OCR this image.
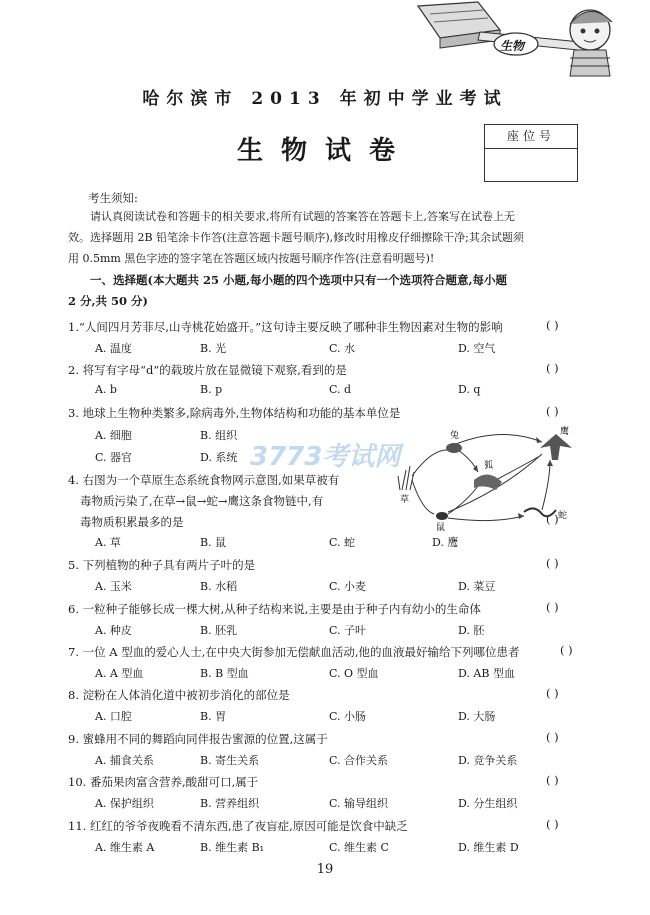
生物
哈尔滨市 2013 年初中学业考试
生物试卷	座位号
考生须知:
请认真阅读试卷和答题卡的相关要求,将所有试题的答案答在答题卡上,答案写在试卷上无
效。选择题用 2B 铅笔涂卡作答(注意答题卡题号顺序),修改时用橡皮仔细擦除干净;其余试题须
用 0.5mm 黑色字迹的签字笔在答题区域内按题号顺序作答(注意看明题号)!
一、选择题(本大题共 25 小题,每小题的四个选项中只有一个选项符合题意,每小题
2 分,共 50 分)
1.“人间四月芳菲尽,山寺桃花始盛开。”这句诗主要反映了哪种非生物因素对生物的影响	( )
A. 温度	B. 光	C. 水	D. 空气
2. 将写有字母“d”的载玻片放在显微镜下观察,看到的是	( )
A. b	B. p	C. d	D. q
3. 地球上生物种类繁多,除病毒外,生物体结构和功能的基本单位是	( )
A. 细胞	B. 组织
C. 器官	D. 系统
4. 右图为一个草原生态系统食物网示意图,如果草被有
毒物质污染了,在草→鼠→蛇→鹰这条食物链中,有
毒物质积累最多的是	( )
A. 草	B. 鼠	C. 蛇	D. 鹰
鹰
兔
狐
草
鼠
蛇
3773考试网
5. 下列植物的种子具有两片子叶的是	( )
A. 玉米	B. 水稻	C. 小麦	D. 菜豆
6. 一粒种子能够长成一棵大树,从种子结构来说,主要是由于种子内有幼小的生命体	( )
A. 种皮	B. 胚乳	C. 子叶	D. 胚
7. 一位 A 型血的爱心人士,在中央大街参加无偿献血活动,他的血液最好输给下列哪位患者	( )
A. A 型血	B. B 型血	C. O 型血	D. AB 型血
8. 淀粉在人体消化道中被初步消化的部位是	( )
A. 口腔	B. 胃	C. 小肠	D. 大肠
9. 蜜蜂用不同的舞蹈向同伴报告蜜源的位置,这属于	( )
A. 捕食关系	B. 寄生关系	C. 合作关系	D. 竞争关系
10. 番茄果肉富含营养,酸甜可口,属于	( )
A. 保护组织	B. 营养组织	C. 输导组织	D. 分生组织
11. 红红的爷爷夜晚看不清东西,患了夜盲症,原因可能是饮食中缺乏	( )
A. 维生素 A	B. 维生素 B₁	C. 维生素 C	D. 维生素 D
19
